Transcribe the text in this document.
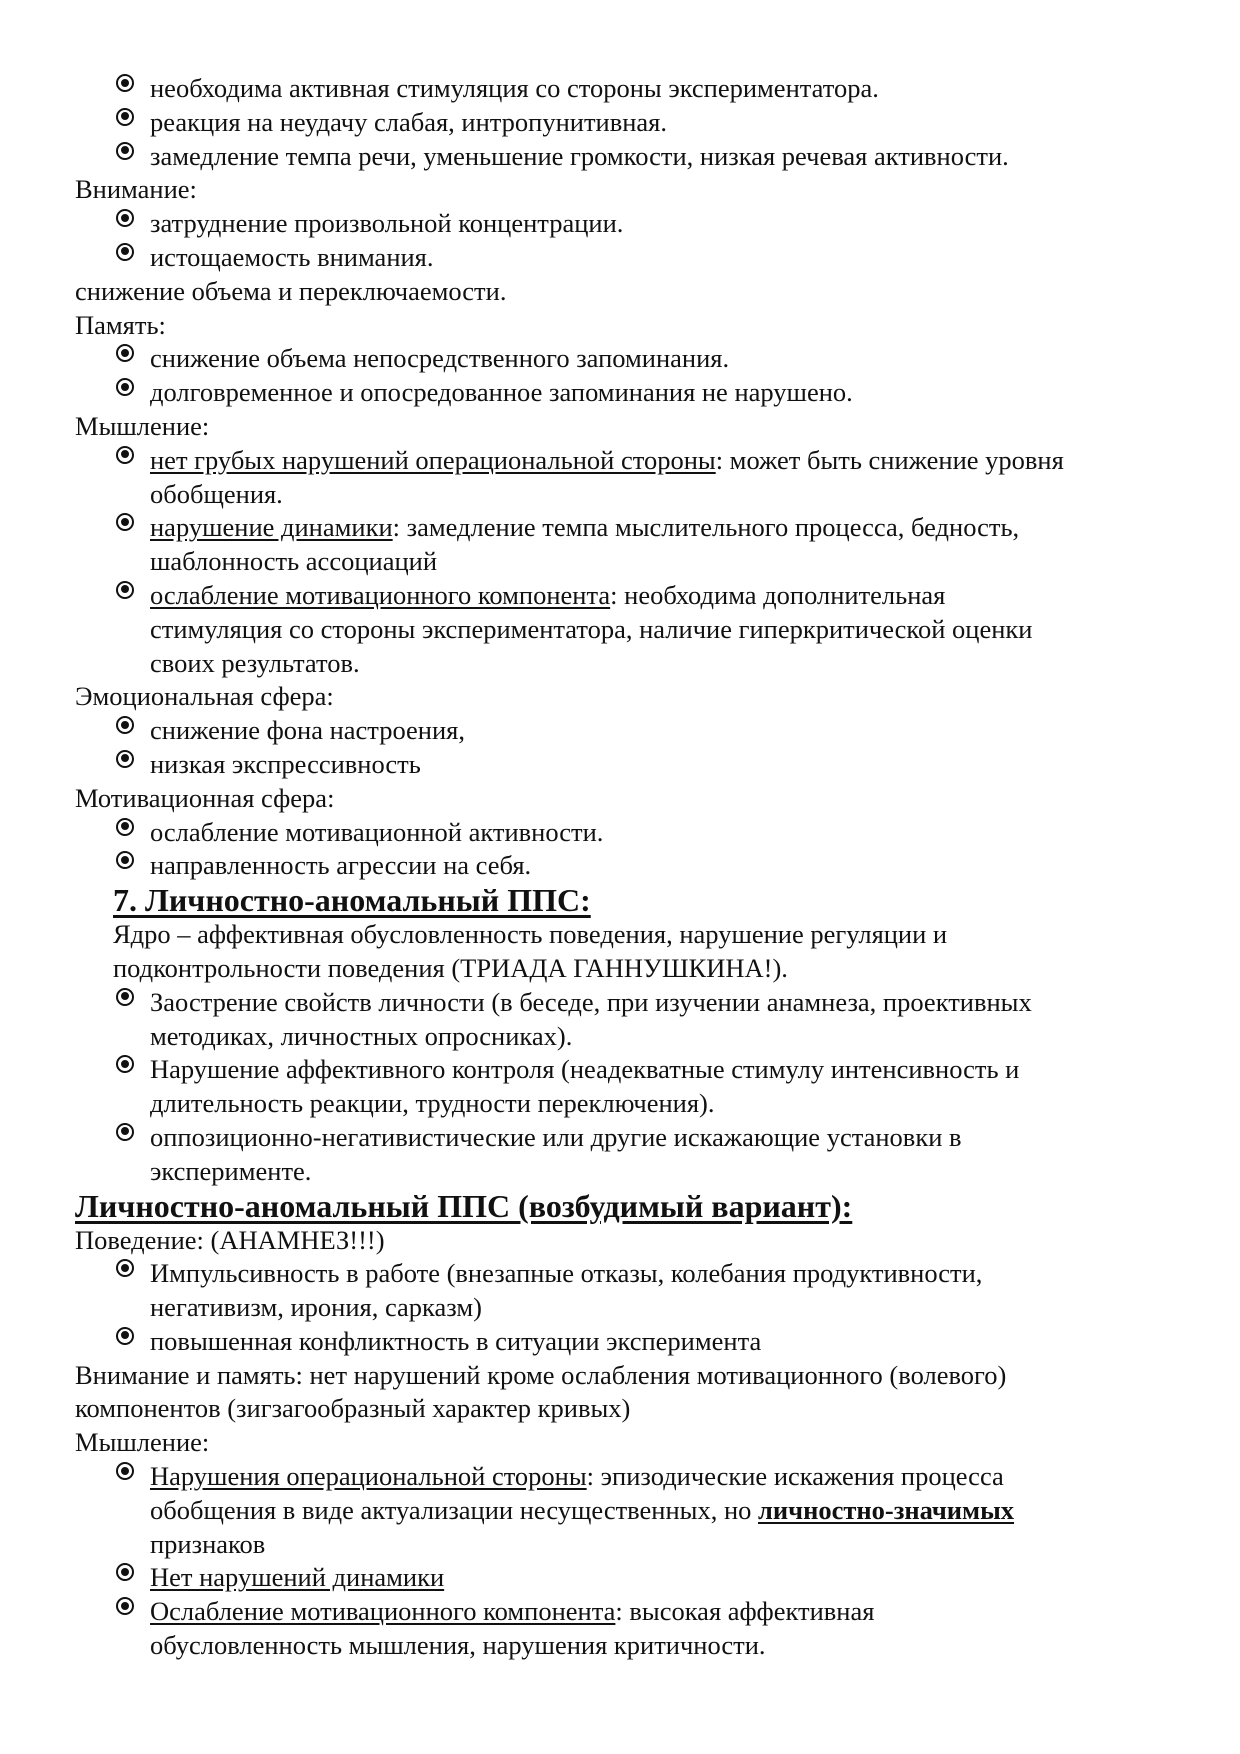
необходима активная стимуляция со стороны экспериментатора.
реакция на неудачу слабая, интропунитивная.
замедление темпа речи, уменьшение громкости, низкая речевая активности.
Внимание:
затруднение произвольной концентрации.
истощаемость внимания.
снижение объема и переключаемости.
Память:
снижение объема непосредственного запоминания.
долговременное и опосредованное запоминания не нарушено.
Мышление:
нет грубых нарушений операциональной стороны: может быть снижение уровня
обобщения.
нарушение динамики: замедление темпа мыслительного процесса, бедность,
шаблонность ассоциаций
ослабление мотивационного компонента: необходима дополнительная
стимуляция со стороны экспериментатора, наличие гиперкритической оценки
своих результатов.
Эмоциональная сфера:
снижение фона настроения,
низкая экспрессивность
Мотивационная сфера:
ослабление мотивационной активности.
направленность агрессии на себя.
7. Личностно-аномальный ППС:
Ядро – аффективная обусловленность поведения, нарушение регуляции и
подконтрольности поведения (ТРИАДА ГАННУШКИНА!).
Заострение свойств личности (в беседе, при изучении анамнеза, проективных
методиках, личностных опросниках).
Нарушение аффективного контроля (неадекватные стимулу интенсивность и
длительность реакции, трудности переключения).
оппозиционно-негативистические или другие искажающие установки в
эксперименте.
Личностно-аномальный ППС (возбудимый вариант):
Поведение: (АНАМНЕЗ!!!)
Импульсивность в работе (внезапные отказы, колебания продуктивности,
негативизм, ирония, сарказм)
повышенная конфликтность в ситуации эксперимента
Внимание и память: нет нарушений кроме ослабления мотивационного (волевого)
компонентов (зигзагообразный характер кривых)
Мышление:
Нарушения операциональной стороны: эпизодические искажения процесса
обобщения в виде актуализации несущественных, но личностно-значимых
признаков
Нет нарушений динамики
Ослабление мотивационного компонента: высокая аффективная
обусловленность мышления, нарушения критичности.
